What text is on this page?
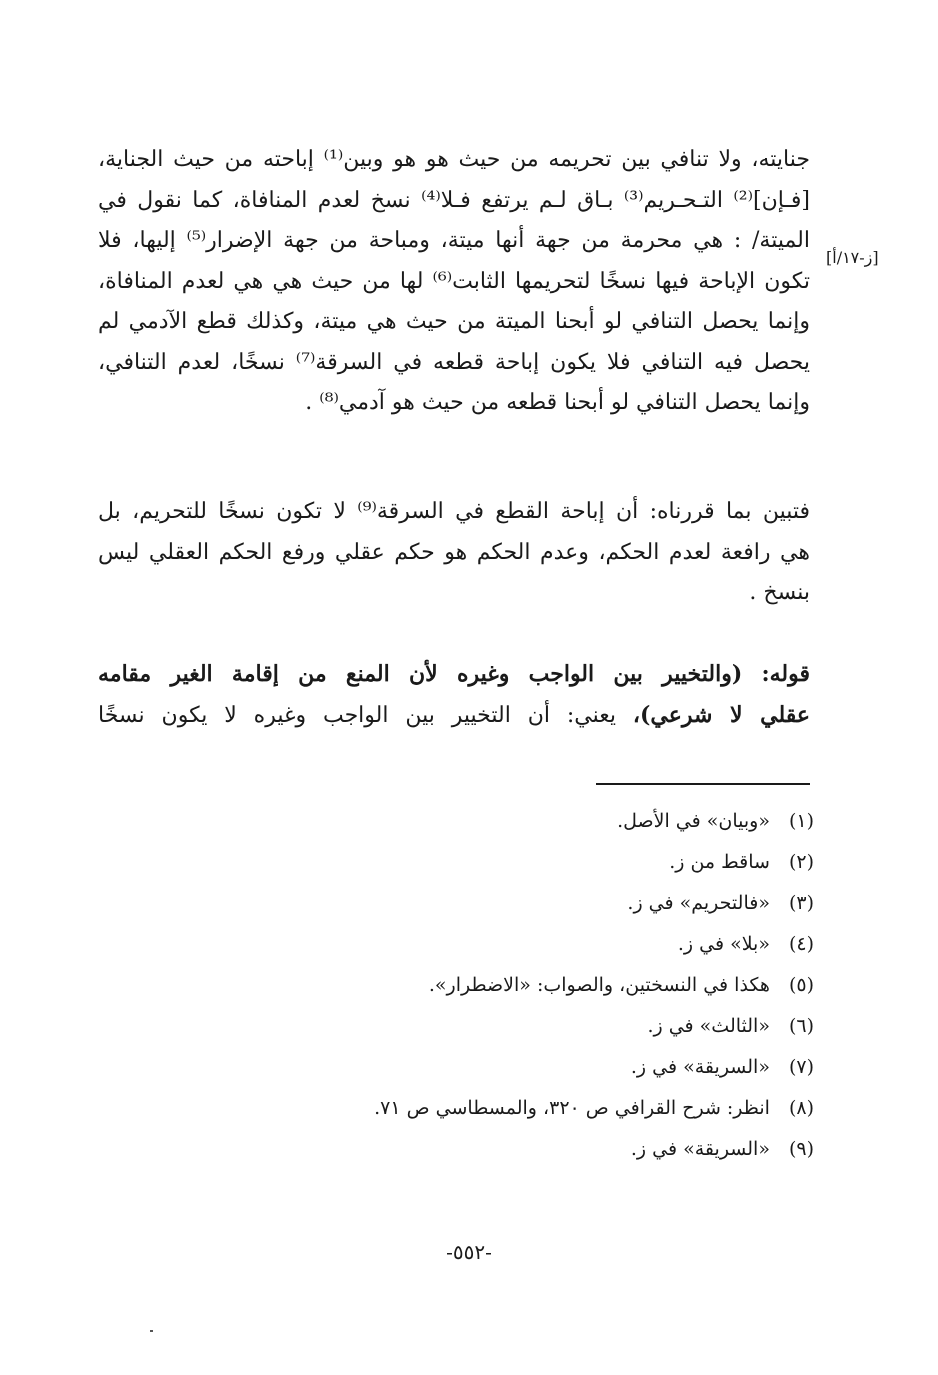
جنايته، ولا تنافي بين تحريمه من حيث هو هو وبين⁽¹⁾ إباحته من حيث الجناية،
[فـإن]⁽²⁾ التـحـريم⁽³⁾ بـاق لـم يرتفع فـلا⁽⁴⁾ نسخ لعدم المنافاة، كما نقول في
الميتة/ : هي محرمة من جهة أنها ميتة، ومباحة من جهة الإضرار⁽⁵⁾ إليها، فلا
تكون الإباحة فيها نسخًا لتحريمها الثابت⁽⁶⁾ لها من حيث هي هي لعدم المنافاة،
وإنما يحصل التنافي لو أبحنا الميتة من حيث هي ميتة، وكذلك قطع الآدمي لم
يحصل فيه التنافي فلا يكون إباحة قطعه في السرقة⁽⁷⁾ نسخًا، لعدم التنافي،
وإنما يحصل التنافي لو أبحنا قطعه من حيث هو آدمي⁽⁸⁾ .
[ز-١٧/أ]
فتبين بما قررناه: أن إباحة القطع في السرقة⁽⁹⁾ لا تكون نسخًا للتحريم، بل
هي رافعة لعدم الحكم، وعدم الحكم هو حكم عقلي ورفع الحكم العقلي ليس
بنسخ .
قوله: (والتخيير بين الواجب وغيره لأن المنع من إقامة الغير مقامه
عقلي لا شرعي)، يعني: أن التخيير بين الواجب وغيره لا يكون نسخًا
(١) «وبيان» في الأصل.
(٢) ساقط من ز.
(٣) «فالتحريم» في ز.
(٤) «بلا» في ز.
(٥) هكذا في النسختين، والصواب: «الاضطرار».
(٦) «الثالث» في ز.
(٧) «السريقة» في ز.
(٨) انظر: شرح القرافي ص ٣٢٠، والمسطاسي ص ٧١.
(٩) «السريقة» في ز.
-٥٥٢-
